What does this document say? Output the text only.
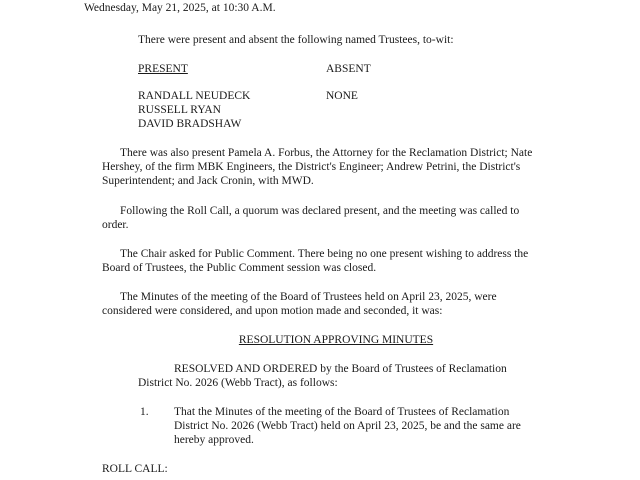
Wednesday, May 21, 2025, at 10:30 A.M.
There were present and absent the following named Trustees, to-wit:
PRESENT	ABSENT
RANDALL NEUDECK	NONE
RUSSELL RYAN
DAVID BRADSHAW
There was also present Pamela A. Forbus, the Attorney for the Reclamation District; Nate
Hershey, of the firm MBK Engineers, the District's Engineer; Andrew Petrini, the District's
Superintendent; and Jack Cronin, with MWD.
Following the Roll Call, a quorum was declared present, and the meeting was called to
order.
The Chair asked for Public Comment. There being no one present wishing to address the
Board of Trustees, the Public Comment session was closed.
The Minutes of the meeting of the Board of Trustees held on April 23, 2025, were
considered were considered, and upon motion made and seconded, it was:
RESOLUTION APPROVING MINUTES
RESOLVED AND ORDERED by the Board of Trustees of Reclamation
District No. 2026 (Webb Tract), as follows:
1. That the Minutes of the meeting of the Board of Trustees of Reclamation
District No. 2026 (Webb Tract) held on April 23, 2025, be and the same are
hereby approved.
ROLL CALL:
